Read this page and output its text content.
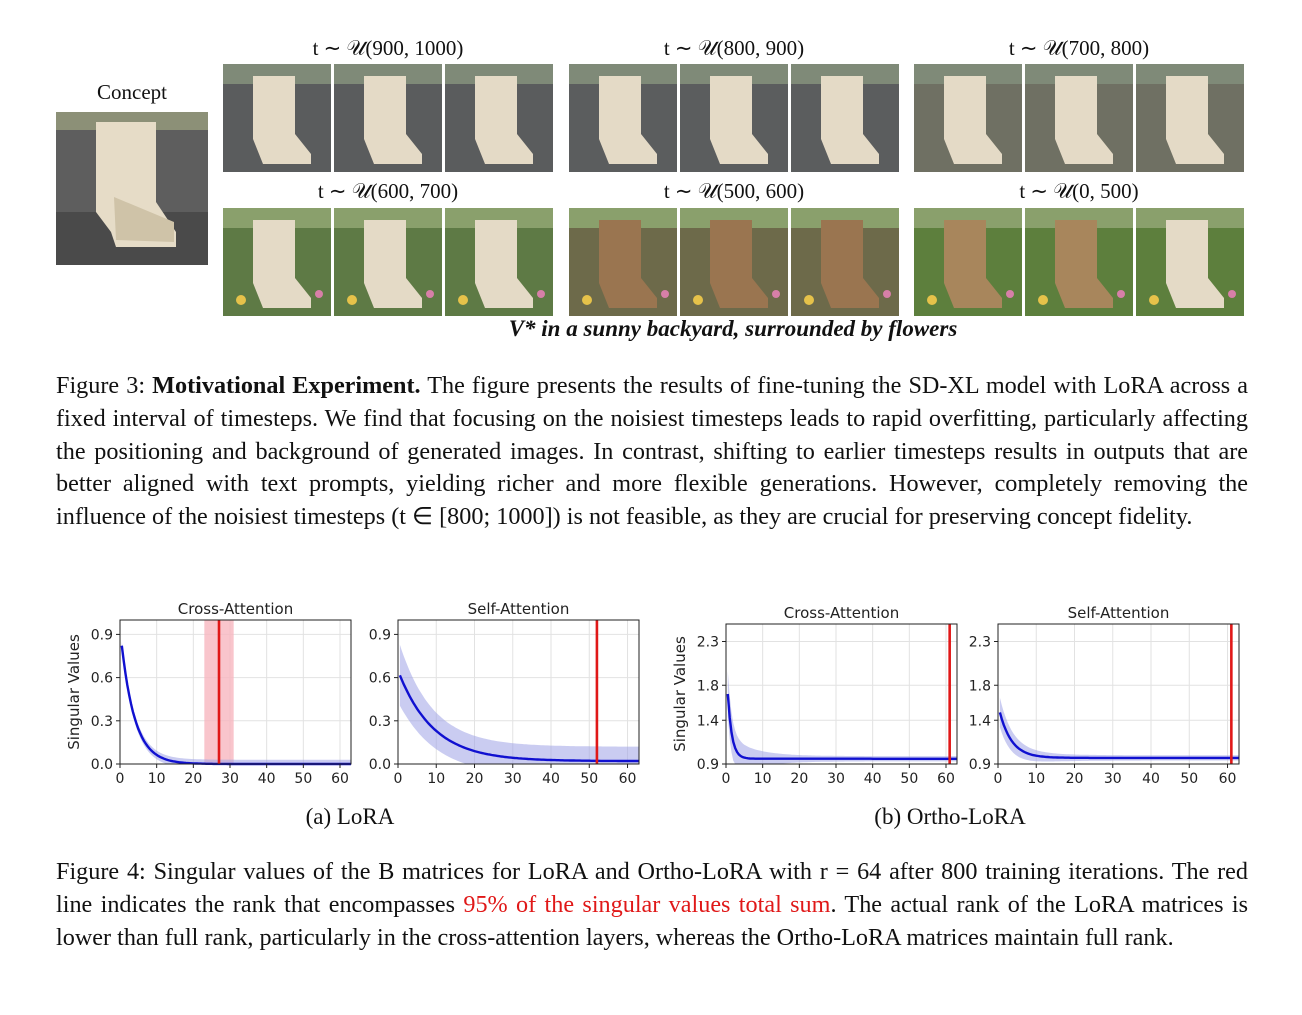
Concept
t ∼ 𝒰(900, 1000)	t ∼ 𝒰(800, 900)	t ∼ 𝒰(700, 800)
t ∼ 𝒰(600, 700)	t ∼ 𝒰(500, 600)	t ∼ 𝒰(0, 500)
V* in a sunny backyard, surrounded by flowers
Figure 3: Motivational Experiment. The figure presents the results of fine-tuning the SD-XL model with LoRA across a fixed interval of timesteps. We find that focusing on the noisiest timesteps leads to rapid overfitting, particularly affecting the positioning and background of generated images. In contrast, shifting to earlier timesteps results in outputs that are better aligned with text prompts, yielding richer and more flexible generations. However, completely removing the influence of the noisiest timesteps (t ∈ [800; 1000]) is not feasible, as they are crucial for preserving concept fidelity.
Cross-Attention
Singular Values
0 10 20 30 40 50 60
0.0
0.3
0.6
0.9
Self-Attention
0 10 20 30 40 50 60
0.0
0.3
0.6
0.9
Cross-Attention
Singular Values
0 10 20 30 40 50 60
0.9
1.4
1.8
2.3
Self-Attention
0 10 20 30 40 50 60
0.9
1.4
1.8
2.3
(a) LoRA	(b) Ortho-LoRA
Figure 4: Singular values of the B matrices for LoRA and Ortho-LoRA with r = 64 after 800 training iterations. The red line indicates the rank that encompasses 95% of the singular values total sum. The actual rank of the LoRA matrices is lower than full rank, particularly in the cross-attention layers, whereas the Ortho-LoRA matrices maintain full rank.
